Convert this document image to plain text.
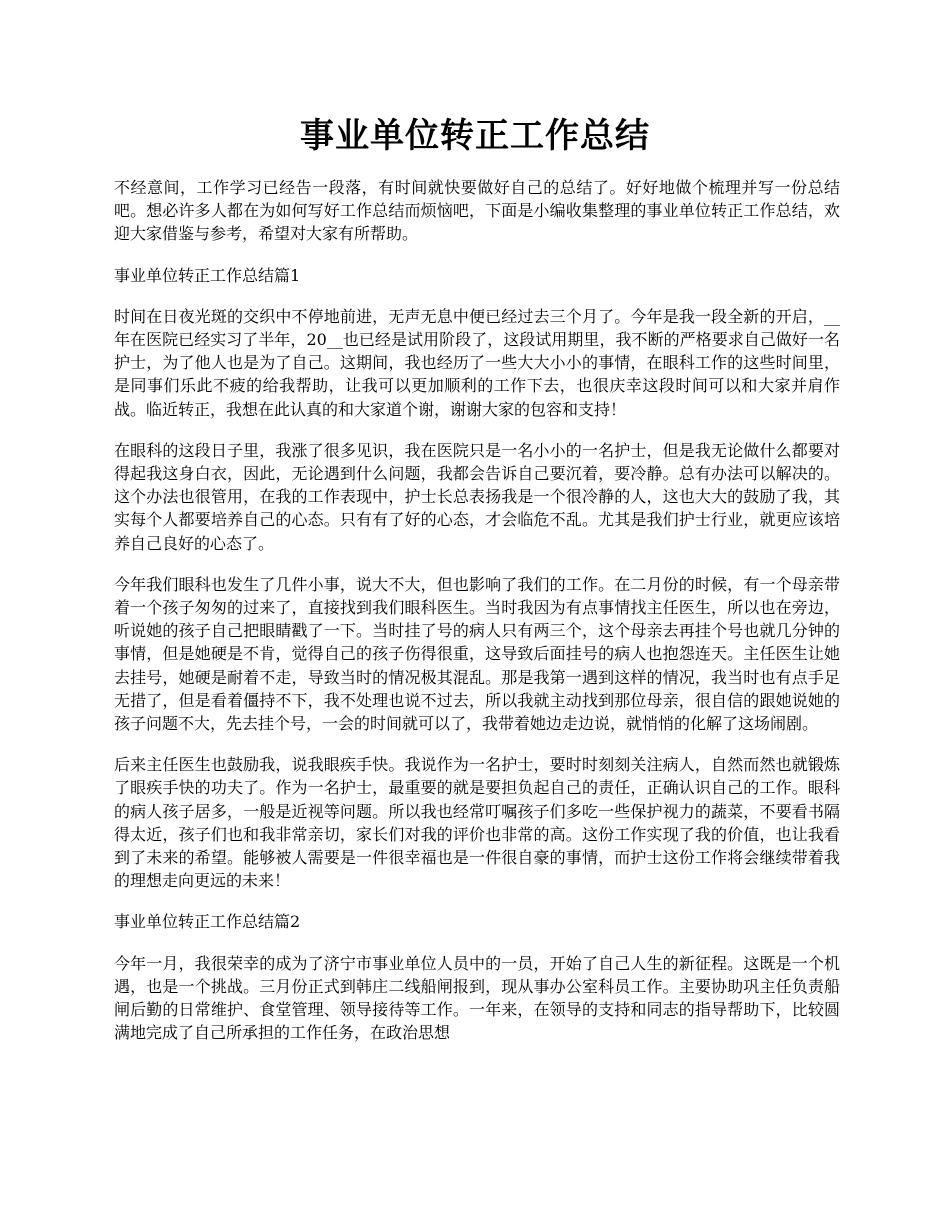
事业单位转正工作总结

不经意间，工作学习已经告一段落，有时间就快要做好自己的总结了。好好地做个梳理并写一份总结吧。想必许多人都在为如何写好工作总结而烦恼吧，下面是小编收集整理的事业单位转正工作总结，欢迎大家借鉴与参考，希望对大家有所帮助。

事业单位转正工作总结篇1

时间在日夜光斑的交织中不停地前进，无声无息中便已经过去三个月了。今年是我一段全新的开启，__年在医院已经实习了半年，20__也已经是试用阶段了，这段试用期里，我不断的严格要求自己做好一名护士，为了他人也是为了自己。这期间，我也经历了一些大大小小的事情，在眼科工作的这些时间里，是同事们乐此不疲的给我帮助，让我可以更加顺利的工作下去，也很庆幸这段时间可以和大家并肩作战。临近转正，我想在此认真的和大家道个谢，谢谢大家的包容和支持！

在眼科的这段日子里，我涨了很多见识，我在医院只是一名小小的一名护士，但是我无论做什么都要对得起我这身白衣，因此，无论遇到什么问题，我都会告诉自己要沉着，要冷静。总有办法可以解决的。这个办法也很管用，在我的工作表现中，护士长总表扬我是一个很冷静的人，这也大大的鼓励了我，其实每个人都要培养自己的心态。只有有了好的心态，才会临危不乱。尤其是我们护士行业，就更应该培养自己良好的心态了。

今年我们眼科也发生了几件小事，说大不大，但也影响了我们的工作。在二月份的时候，有一个母亲带着一个孩子匆匆的过来了，直接找到我们眼科医生。当时我因为有点事情找主任医生，所以也在旁边，听说她的孩子自己把眼睛戳了一下。当时挂了号的病人只有两三个，这个母亲去再挂个号也就几分钟的事情，但是她硬是不肯，觉得自己的孩子伤得很重，这导致后面挂号的病人也抱怨连天。主任医生让她去挂号，她硬是耐着不走，导致当时的情况极其混乱。那是我第一遇到这样的情况，我当时也有点手足无措了，但是看着僵持不下，我不处理也说不过去，所以我就主动找到那位母亲，很自信的跟她说她的孩子问题不大，先去挂个号，一会的时间就可以了，我带着她边走边说，就悄悄的化解了这场闹剧。

后来主任医生也鼓励我，说我眼疾手快。我说作为一名护士，要时时刻刻关注病人，自然而然也就锻炼了眼疾手快的功夫了。作为一名护士，最重要的就是要担负起自己的责任，正确认识自己的工作。眼科的病人孩子居多，一般是近视等问题。所以我也经常叮嘱孩子们多吃一些保护视力的蔬菜，不要看书隔得太近，孩子们也和我非常亲切，家长们对我的评价也非常的高。这份工作实现了我的价值，也让我看到了未来的希望。能够被人需要是一件很幸福也是一件很自豪的事情，而护士这份工作将会继续带着我的理想走向更远的未来！

事业单位转正工作总结篇2

今年一月，我很荣幸的成为了济宁市事业单位人员中的一员，开始了自己人生的新征程。这既是一个机遇，也是一个挑战。三月份正式到韩庄二线船闸报到，现从事办公室科员工作。主要协助巩主任负责船闸后勤的日常维护、食堂管理、领导接待等工作。一年来，在领导的支持和同志的指导帮助下，比较圆满地完成了自己所承担的工作任务，在政治思想
